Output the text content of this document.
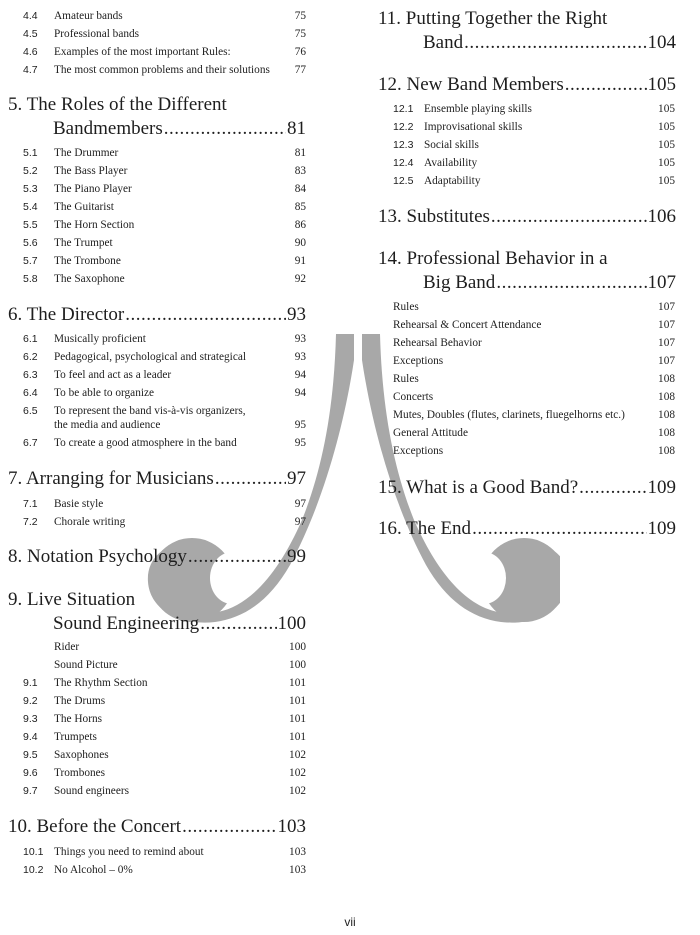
4.4 Amateur bands	75
4.5 Professional bands	75
4.6 Examples of the most important Rules:	76
4.7 The most common problems and their solutions 77
5. The Roles of the Different
Bandmembers .....	81
5.1 The Drummer	81
5.2 The Bass Player	83
5.3 The Piano Player	84
5.4 The Guitarist	85
5.5 The Horn Section	86
5.6 The Trumpet	90
5.7 The Trombone	91
5.8 The Saxophone	92
6. The Director .....	93
6.1 Musically proficient	93
6.2 Pedagogical, psychological and strategical	93
6.3 To feel and act as a leader	94
6.4 To be able to organize	94
6.5 To represent the band vis-à-vis organizers,
the media and audience	95
6.7 To create a good atmosphere in the band	95
7. Arranging for Musicians .....	97
7.1 Basie style	97
7.2 Chorale writing	97
8. Notation Psychology .....	99
9. Live Situation
Sound Engineering .....	100
Rider	100
Sound Picture	100
9.1 The Rhythm Section	101
9.2 The Drums	101
9.3 The Horns	101
9.4 Trumpets	101
9.5 Saxophones	102
9.6 Trombones	102
9.7 Sound engineers	102
10. Before the Concert .....	103
10.1 Things you need to remind about	103
10.2 No Alcohol – 0%	103
11. Putting Together the Right
Band .....	104
12. New Band Members .....	105
12.1 Ensemble playing skills	105
12.2 Improvisational skills	105
12.3 Social skills	105
12.4 Availability	105
12.5 Adaptability	105
13. Substitutes .....	106
14. Professional Behavior in a
Big Band .....	107
Rules	107
Rehearsal & Concert Attendance	107
Rehearsal Behavior	107
Exceptions	107
Rules	108
Concerts	108
Mutes, Doubles (flutes, clarinets, fluegelhorns etc.)	108
General Attitude	108
Exceptions	108
15. What is a Good Band? .....	109
16. The End .....	109
vii
